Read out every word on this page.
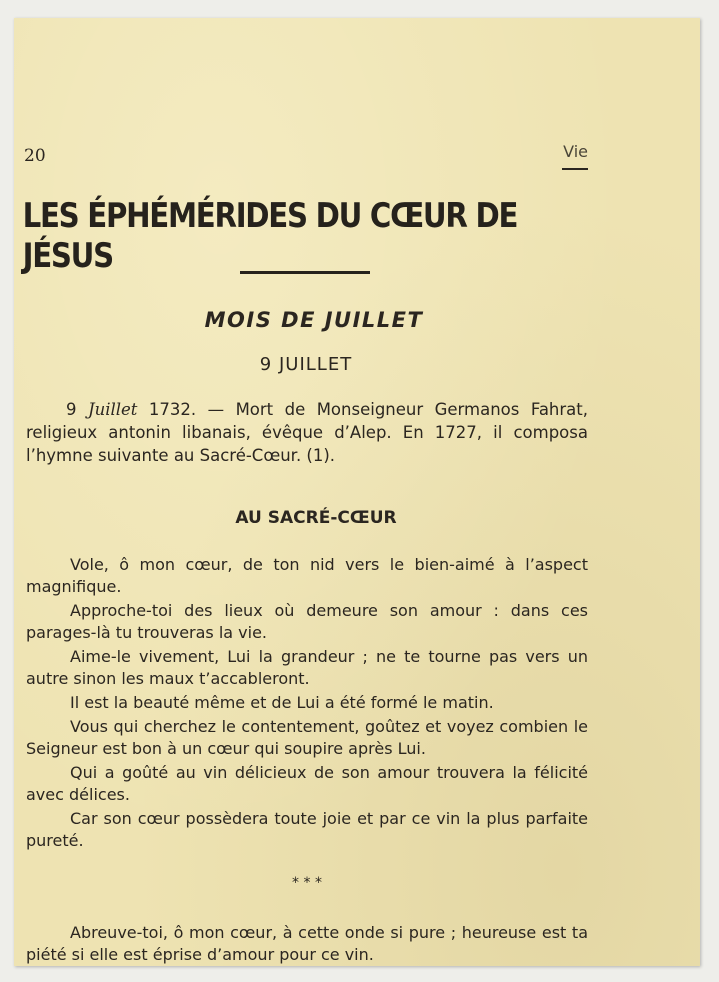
20	Vie
LES ÉPHÉMÉRIDES DU CŒUR DE JÉSUS
MOIS DE JUILLET
9 JUILLET
9 Juillet 1732. — Mort de Monseigneur Germanos Fahrat, religieux antonin libanais, évêque d’Alep. En 1727, il composa l’hymne suivante au Sacré-Cœur. (1).
AU SACRÉ-CŒUR

Vole, ô mon cœur, de ton nid vers le bien-aimé à l’aspect magnifique.

Approche-toi des lieux où demeure son amour : dans ces parages-là tu trouveras la vie.

Aime-le vivement, Lui la grandeur ; ne te tourne pas vers un autre sinon les maux t’accableront.

Il est la beauté même et de Lui a été formé le matin.

Vous qui cherchez le contentement, goûtez et voyez combien le Seigneur est bon à un cœur qui soupire après Lui.

Qui a goûté au vin délicieux de son amour trouvera la félicité avec délices.

Car son cœur possèdera toute joie et par ce vin la plus parfaite pureté.

* * *

Abreuve-toi, ô mon cœur, à cette onde si pure ; heureuse est ta piété si elle est éprise d’amour pour ce vin.
